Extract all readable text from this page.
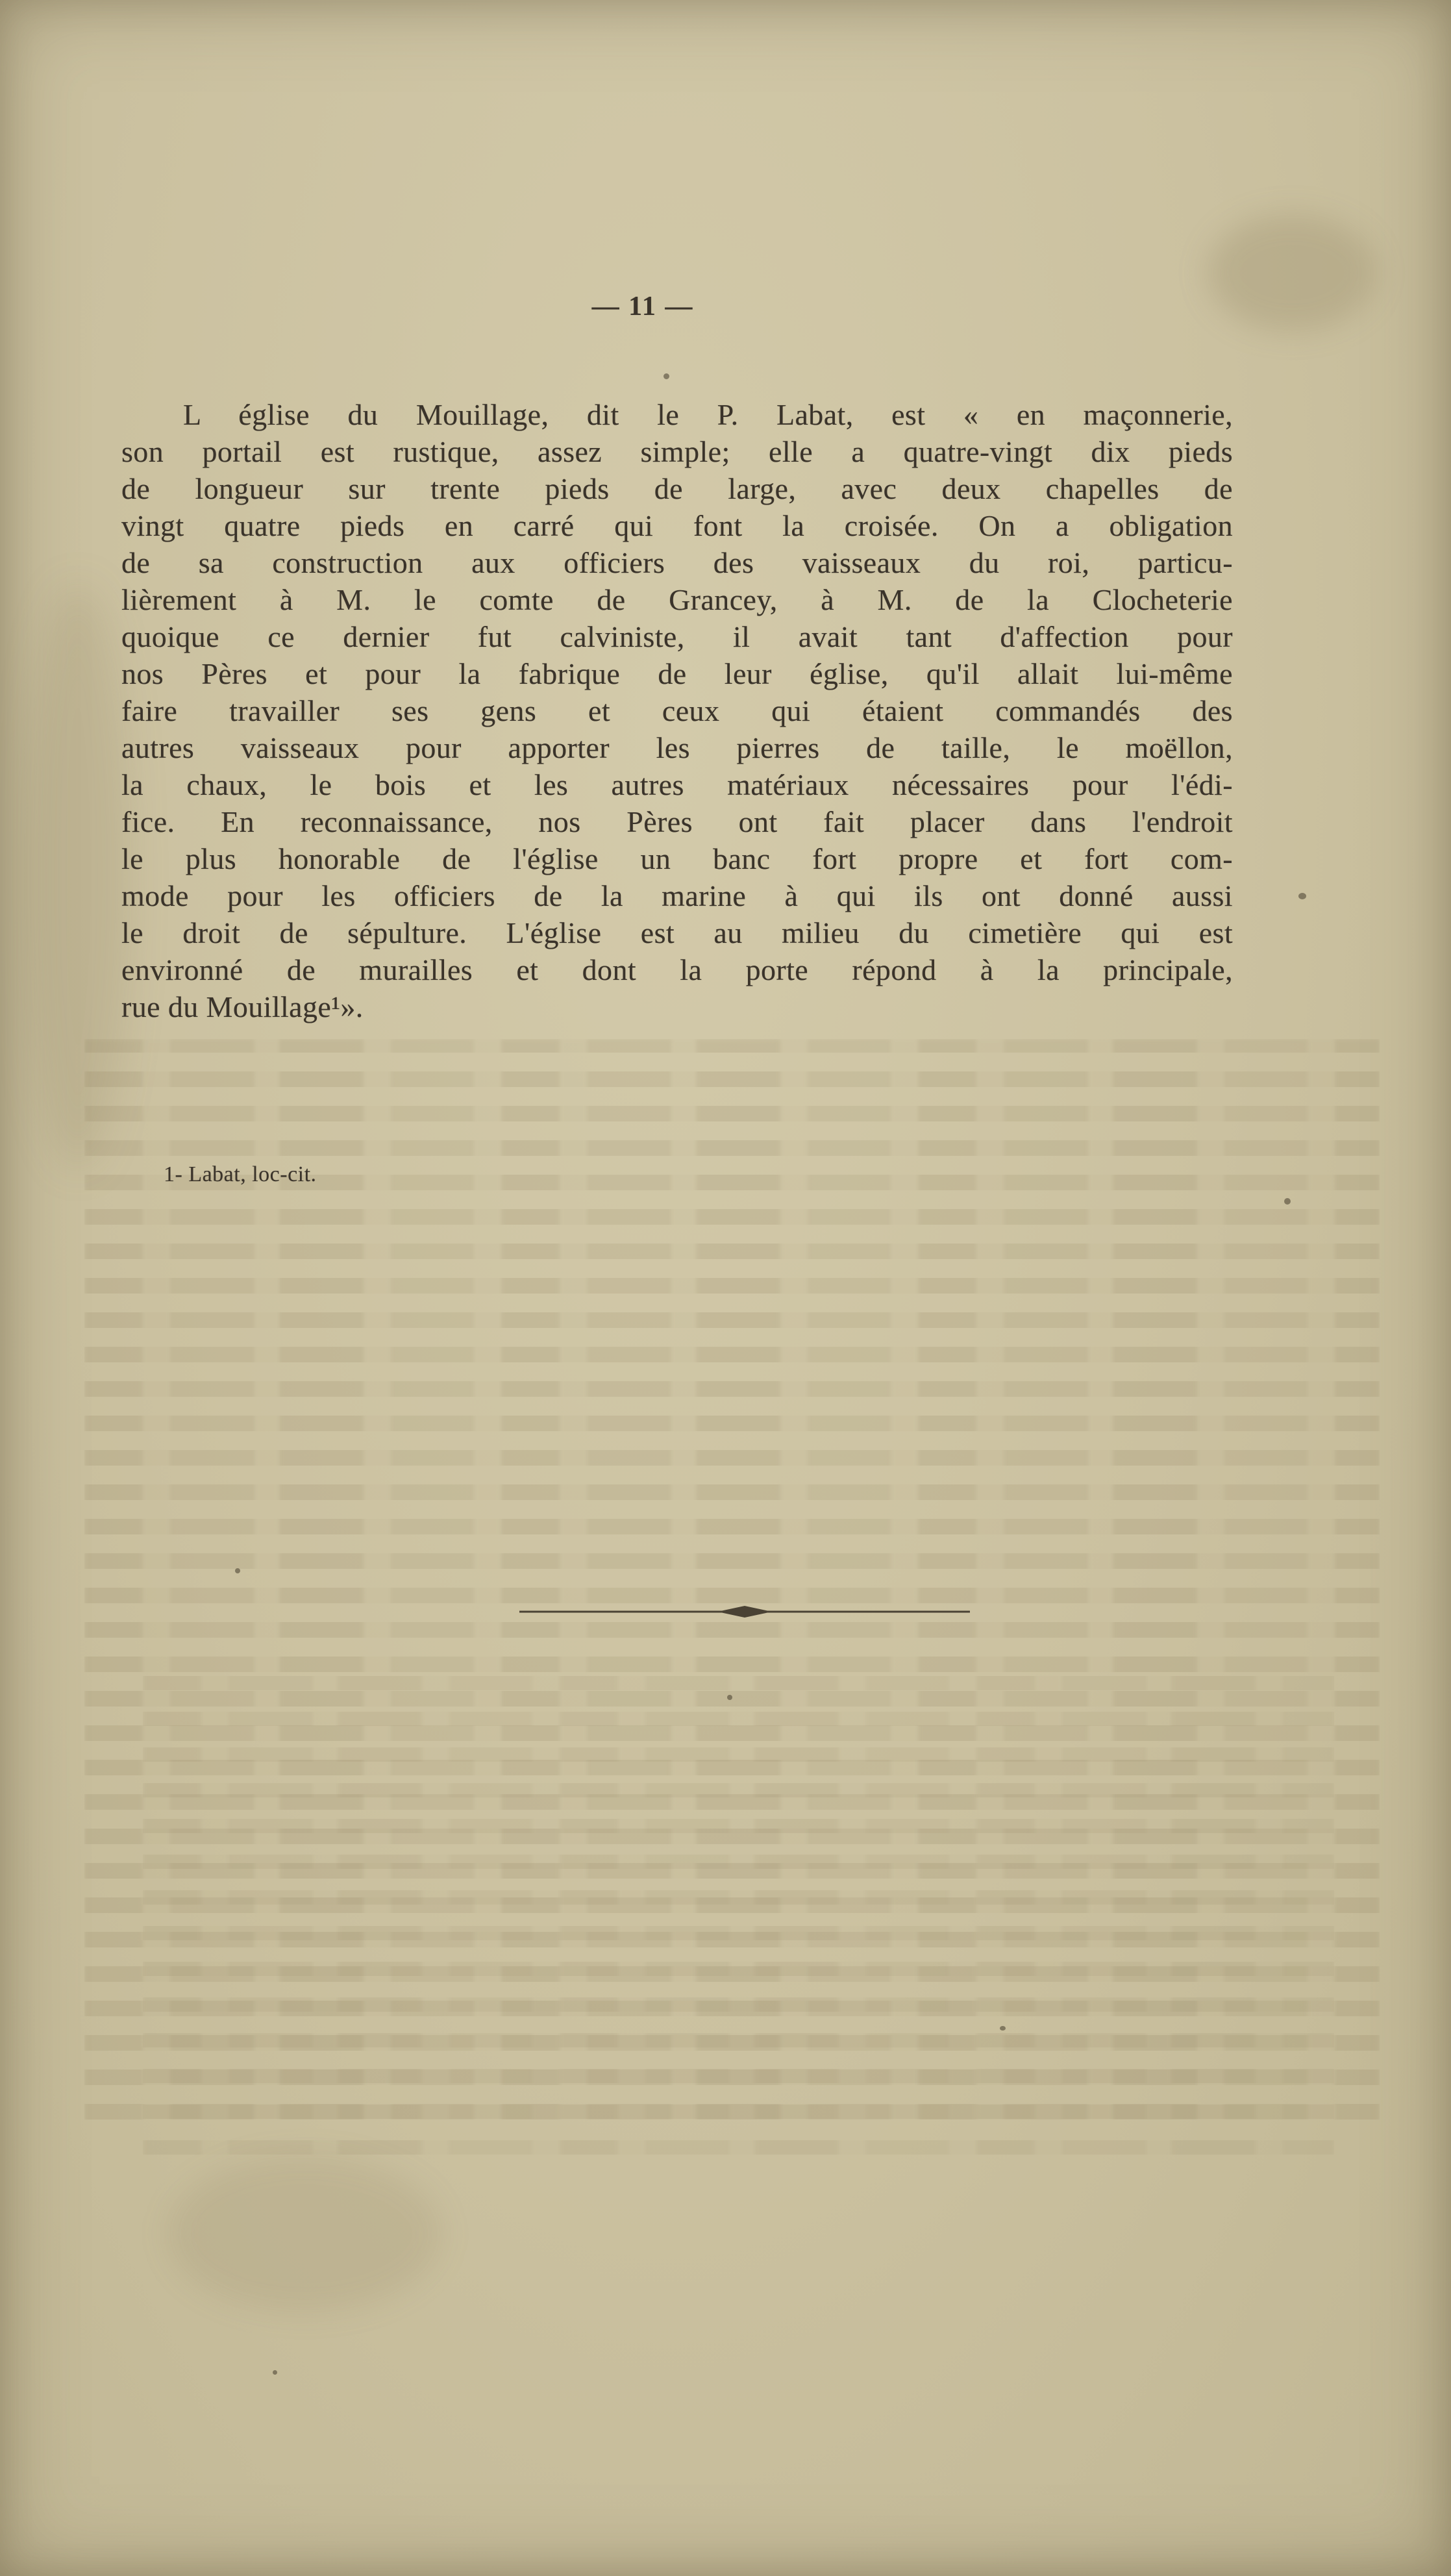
— 11 —
L église du Mouillage, dit le P. Labat, est « en maçonnerie,
son portail est rustique, assez simple; elle a quatre-vingt dix pieds
de longueur sur trente pieds de large, avec deux chapelles de
vingt quatre pieds en carré qui font la croisée. On a obligation
de sa construction aux officiers des vaisseaux du roi, particu-
lièrement à M. le comte de Grancey, à M. de la Clocheterie
quoique ce dernier fut calviniste, il avait tant d'affection pour
nos Pères et pour la fabrique de leur église, qu'il allait lui-même
faire travailler ses gens et ceux qui étaient commandés des
autres vaisseaux pour apporter les pierres de taille, le moëllon,
la chaux, le bois et les autres matériaux nécessaires pour l'édi-
fice. En reconnaissance, nos Pères ont fait placer dans l'endroit
le plus honorable de l'église un banc fort propre et fort com-
mode pour les officiers de la marine à qui ils ont donné aussi
le droit de sépulture. L'église est au milieu du cimetière qui est
environné de murailles et dont la porte répond à la principale,
rue du Mouillage¹».
1- Labat, loc-cit.
